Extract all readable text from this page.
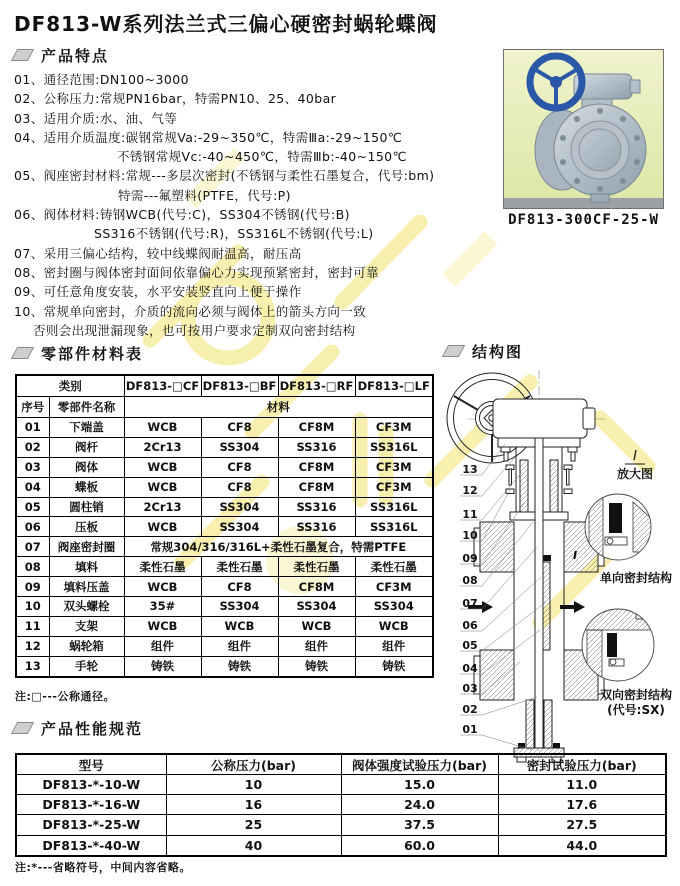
DF813-W系列法兰式三偏心硬密封蜗轮蝶阀
产品特点
01、通径范围:DN100~3000
02、公称压力:常规PN16bar，特需PN10、25、40bar
03、适用介质:水、油、气等
04、适用介质温度:碳钢常规Va:-29~350℃，特需Ⅲa:-29~150℃
不锈钢常规Vc:-40~450℃，特需Ⅲb:-40~150℃
05、阀座密封材料:常规---多层次密封(不锈钢与柔性石墨复合，代号:bm)
特需---氟塑料(PTFE，代号:P)
06、阀体材料:铸钢WCB(代号:C)，SS304不锈钢(代号:B)
SS316不锈钢(代号:R)，SS316L不锈钢(代号:L)
07、采用三偏心结构，较中线蝶阀耐温高，耐压高
08、密封圈与阀体密封面间依靠偏心力实现预紧密封，密封可靠
09、可任意角度安装，水平安装竖直向上便于操作
10、常规单向密封，介质的流向必须与阀体上的箭头方向一致
否则会出现泄漏现象，也可按用户要求定制双向密封结构
DF813-300CF-25-W
零部件材料表
类别		DF813-□CF	DF813-□BF	DF813-□RF	DF813-□LF
序号	零部件名称	材料			
01	下端盖	WCB	CF8	CF8M	CF3M
02	阀杆	2Cr13	SS304	SS316	SS316L
03	阀体	WCB	CF8	CF8M	CF3M
04	蝶板	WCB	CF8	CF8M	CF3M
05	圆柱销	2Cr13	SS304	SS316	SS316L
06	压板	WCB	SS304	SS316	SS316L
07	阀座密封圈	常规304/316/316L+柔性石墨复合，特需PTFE			
08	填料	柔性石墨	柔性石墨	柔性石墨	柔性石墨
09	填料压盖	WCB	CF8	CF8M	CF3M
10	双头螺栓	35#	SS304	SS304	SS304
11	支架	WCB	WCB	WCB	WCB
12	蜗轮箱	组件	组件	组件	组件
13	手轮	铸铁	铸铁	铸铁	铸铁
注:□---公称通径。
结构图
I
13
12
11
10
09
08
07
06
05
04
03
02
01
I
放大图
单向密封结构
双向密封结构
(代号:SX)
产品性能规范
型号	公称压力(bar)	阀体强度试验压力(bar)	密封试验压力(bar)
DF813-*-10-W	10	15.0	11.0
DF813-*-16-W	16	24.0	17.6
DF813-*-25-W	25	37.5	27.5
DF813-*-40-W	40	60.0	44.0
注:*---省略符号，中间内容省略。
